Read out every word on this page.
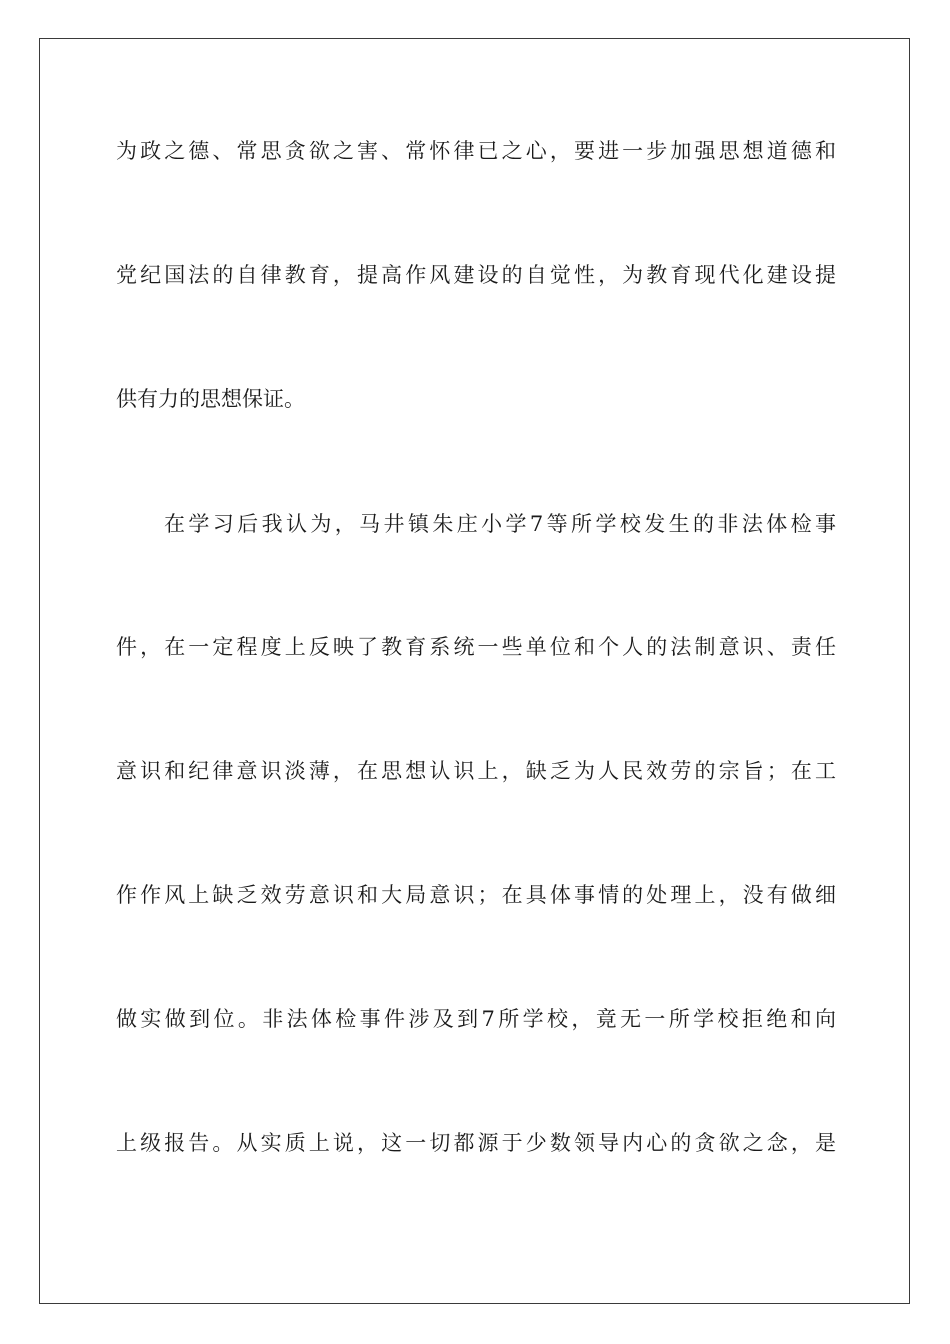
为政之德、常思贪欲之害、常怀律已之心，要进一步加强思想道德和
党纪国法的自律教育，提高作风建设的自觉性，为教育现代化建设提
供有力的思想保证。
在学习后我认为，马井镇朱庄小学7等所学校发生的非法体检事
件，在一定程度上反映了教育系统一些单位和个人的法制意识、责任
意识和纪律意识淡薄，在思想认识上，缺乏为人民效劳的宗旨；在工
作作风上缺乏效劳意识和大局意识；在具体事情的处理上，没有做细
做实做到位。非法体检事件涉及到7所学校，竟无一所学校拒绝和向
上级报告。从实质上说，这一切都源于少数领导内心的贪欲之念，是
